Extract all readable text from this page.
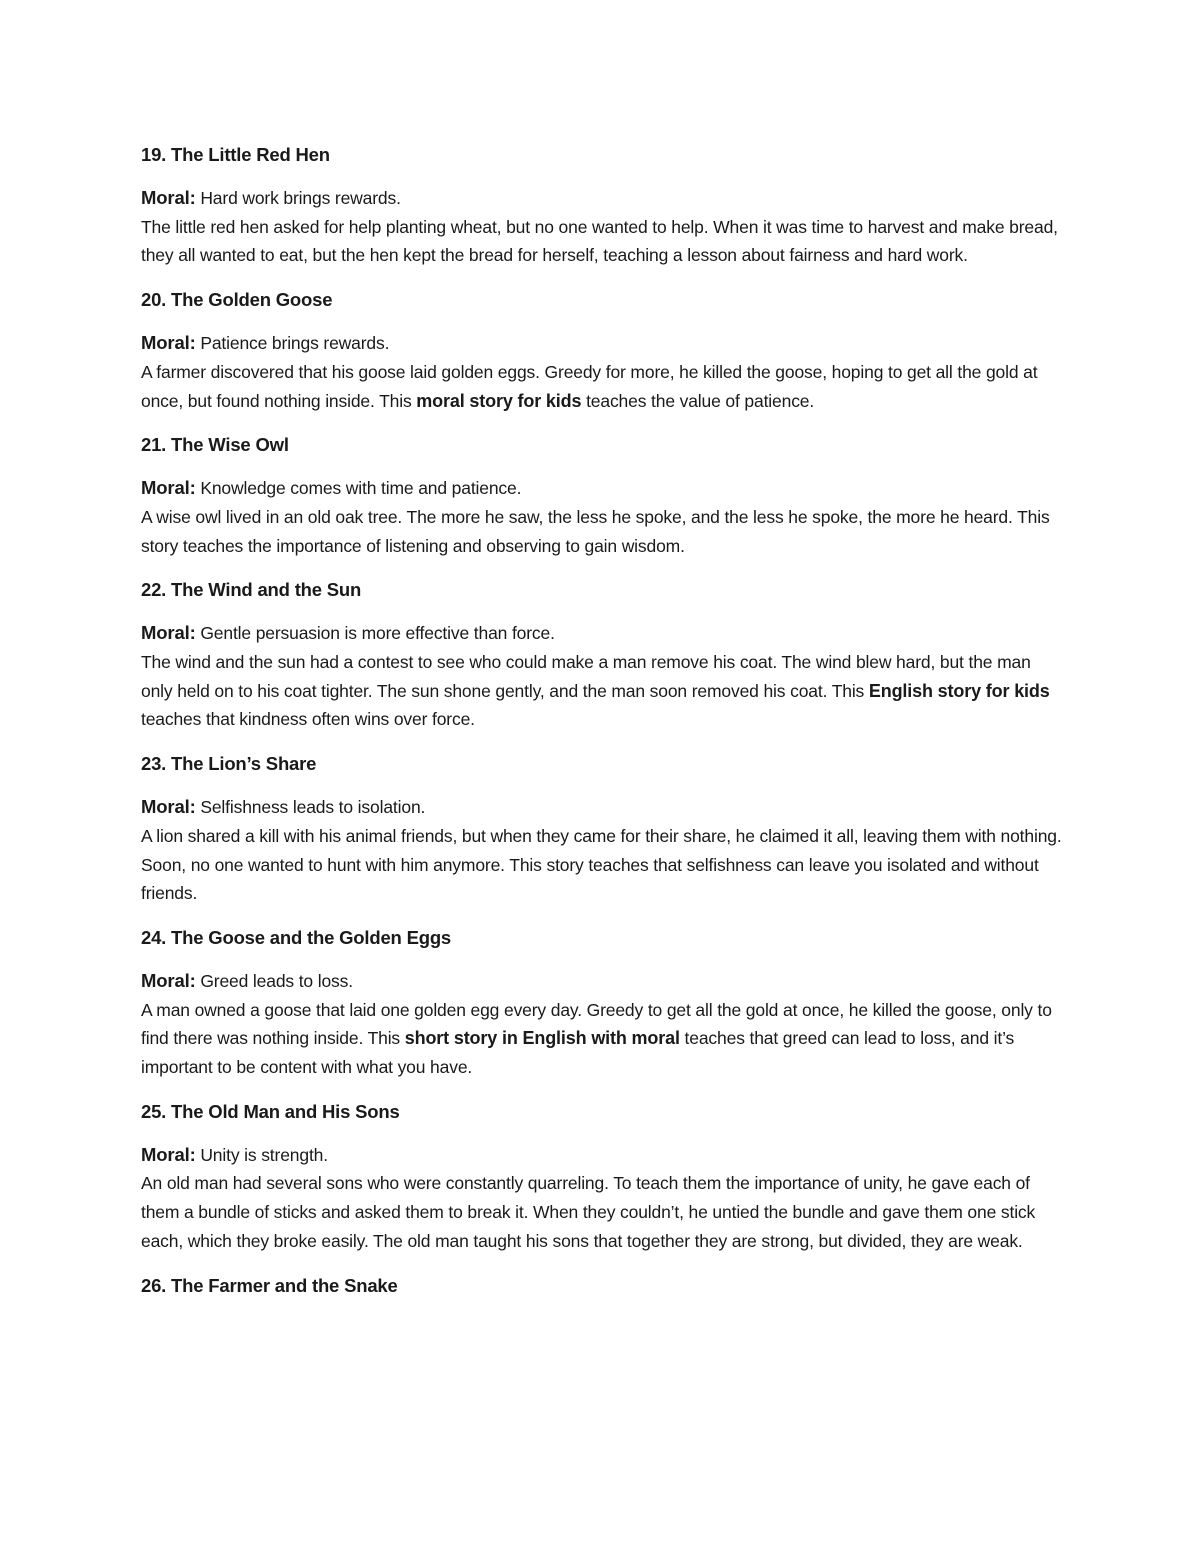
19. The Little Red Hen

Moral: Hard work brings rewards.
The little red hen asked for help planting wheat, but no one wanted to help. When it was time to harvest and make bread, they all wanted to eat, but the hen kept the bread for herself, teaching a lesson about fairness and hard work.

20. The Golden Goose

Moral: Patience brings rewards.
A farmer discovered that his goose laid golden eggs. Greedy for more, he killed the goose, hoping to get all the gold at once, but found nothing inside. This moral story for kids teaches the value of patience.

21. The Wise Owl

Moral: Knowledge comes with time and patience.
A wise owl lived in an old oak tree. The more he saw, the less he spoke, and the less he spoke, the more he heard. This story teaches the importance of listening and observing to gain wisdom.

22. The Wind and the Sun

Moral: Gentle persuasion is more effective than force.
The wind and the sun had a contest to see who could make a man remove his coat. The wind blew hard, but the man only held on to his coat tighter. The sun shone gently, and the man soon removed his coat. This English story for kids teaches that kindness often wins over force.

23. The Lion’s Share

Moral: Selfishness leads to isolation.
A lion shared a kill with his animal friends, but when they came for their share, he claimed it all, leaving them with nothing. Soon, no one wanted to hunt with him anymore. This story teaches that selfishness can leave you isolated and without friends.

24. The Goose and the Golden Eggs

Moral: Greed leads to loss.
A man owned a goose that laid one golden egg every day. Greedy to get all the gold at once, he killed the goose, only to find there was nothing inside. This short story in English with moral teaches that greed can lead to loss, and it’s important to be content with what you have.

25. The Old Man and His Sons

Moral: Unity is strength.
An old man had several sons who were constantly quarreling. To teach them the importance of unity, he gave each of them a bundle of sticks and asked them to break it. When they couldn’t, he untied the bundle and gave them one stick each, which they broke easily. The old man taught his sons that together they are strong, but divided, they are weak.

26. The Farmer and the Snake
